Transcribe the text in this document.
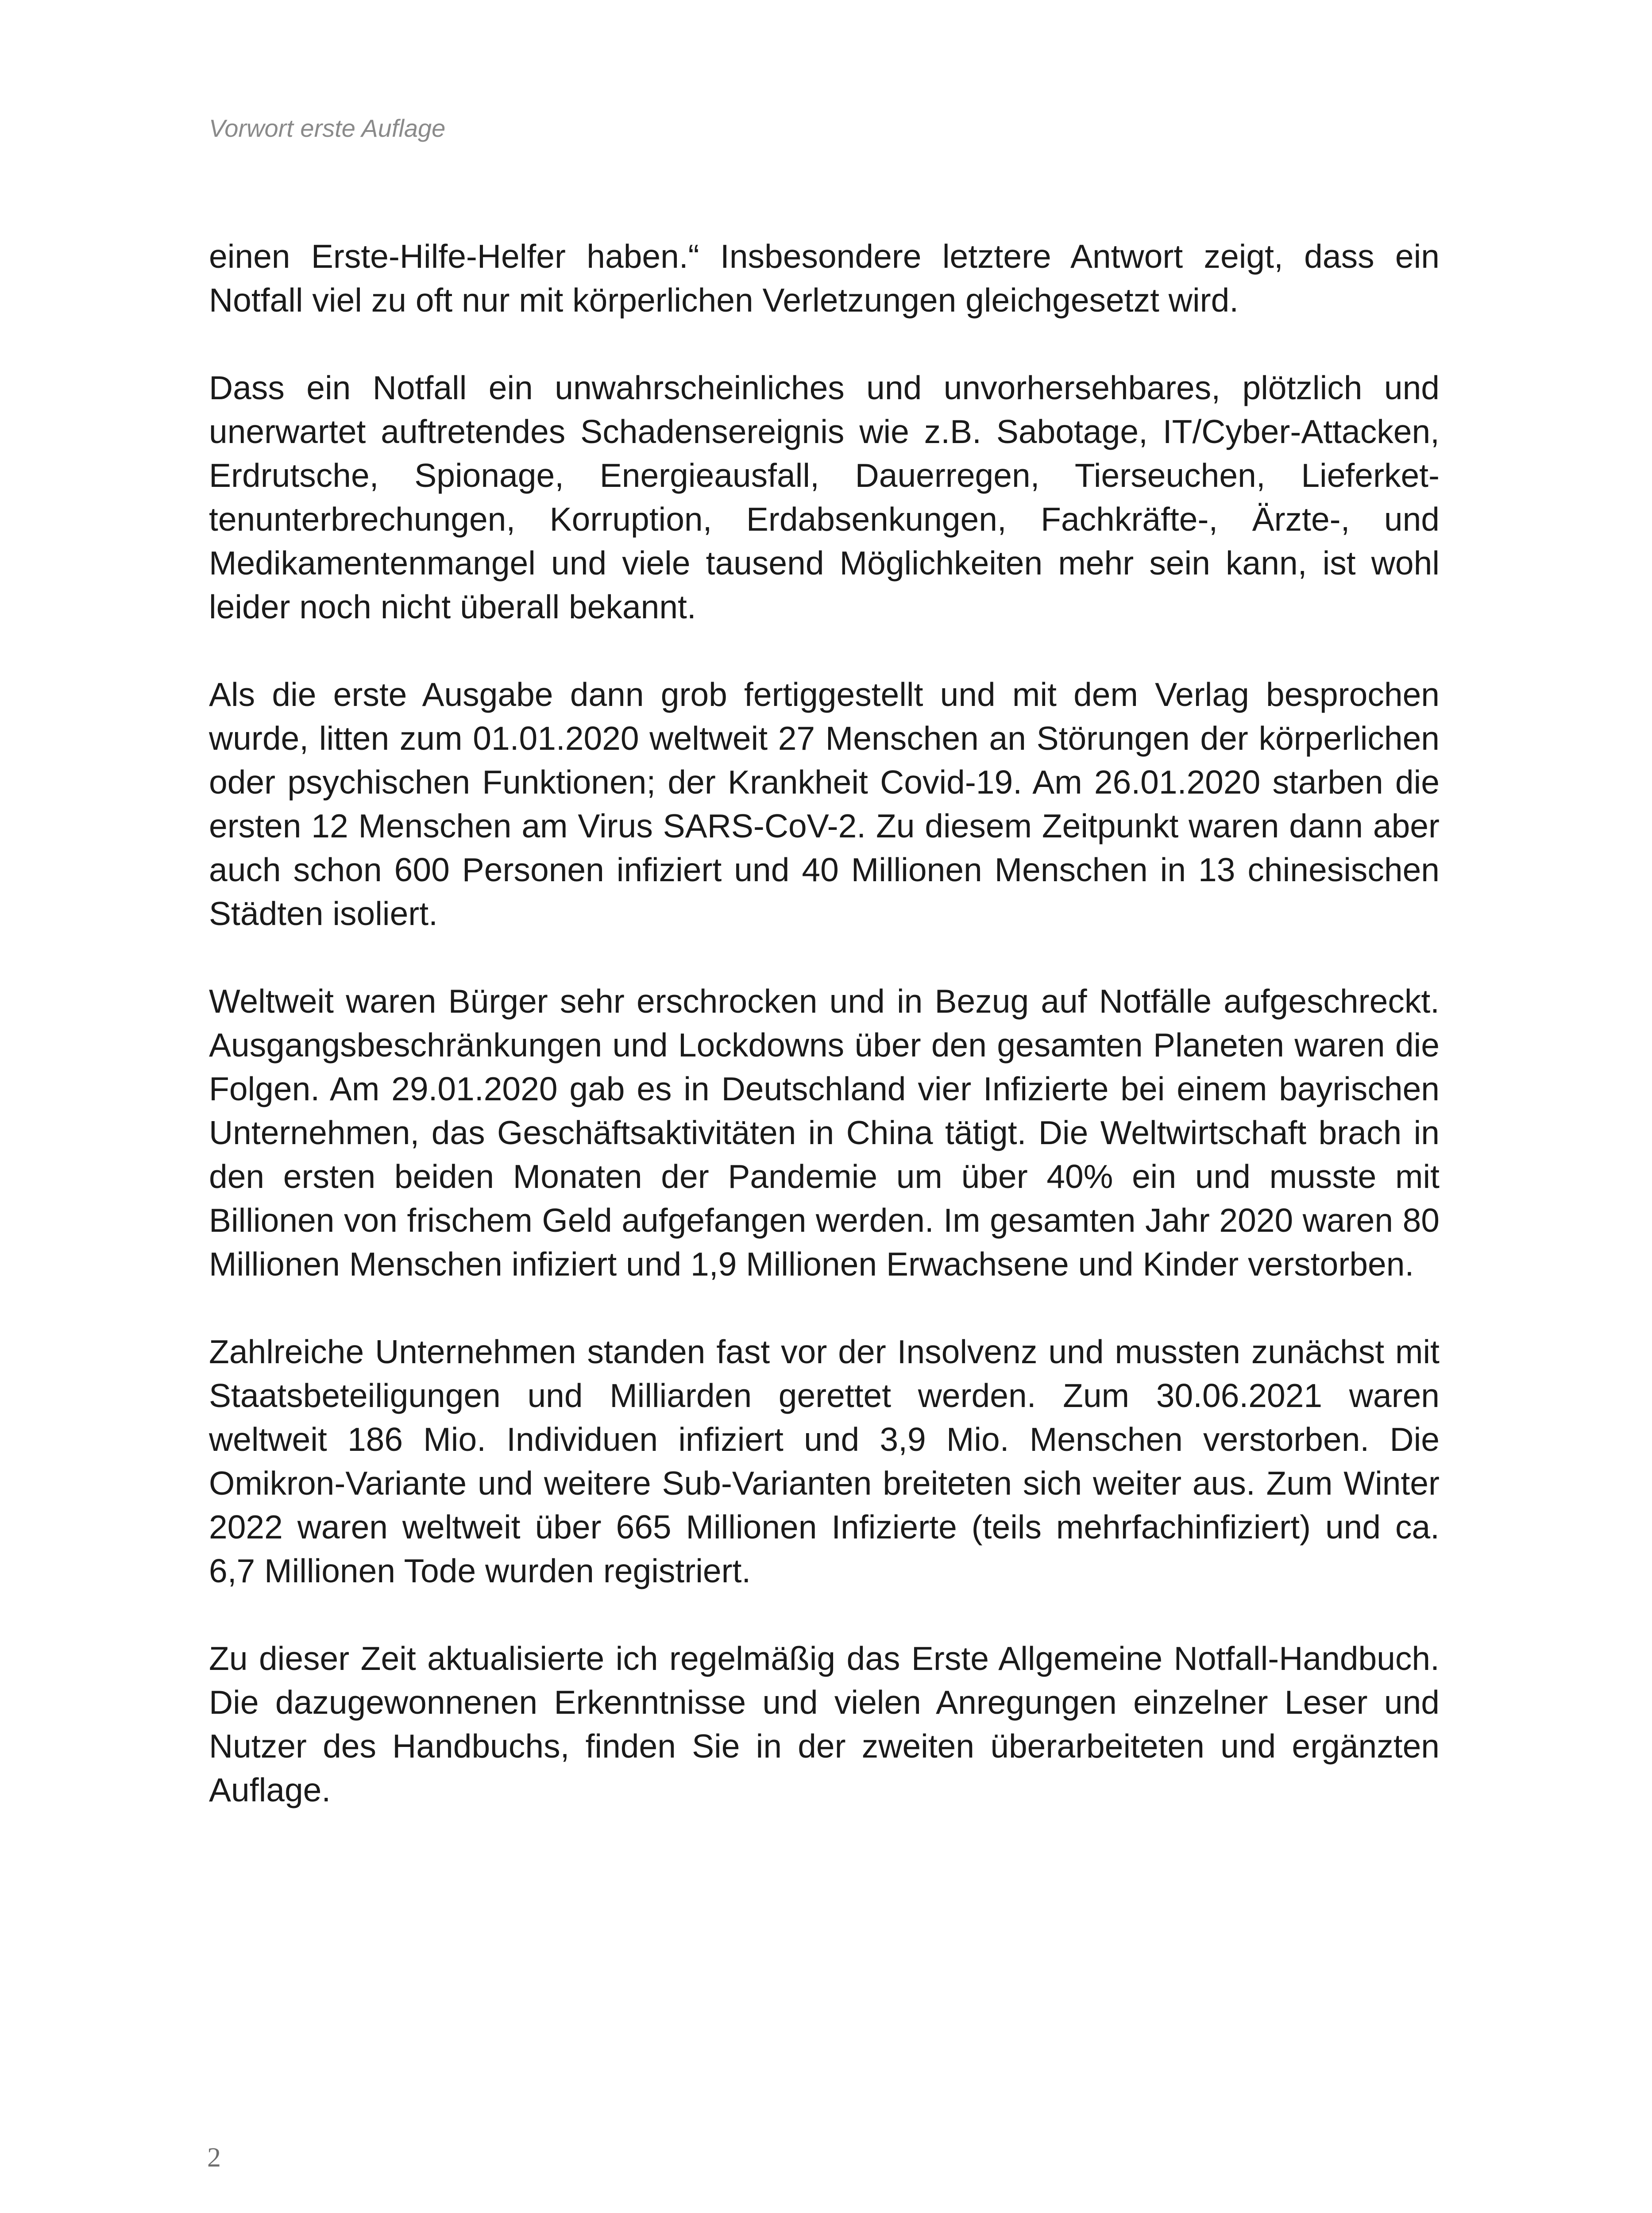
Vorwort erste Auflage

einen Erste-Hilfe-Helfer haben.“ Insbesondere letztere Antwort zeigt, dass ein Notfall viel zu oft nur mit körperlichen Verletzungen gleichgesetzt wird.

Dass ein Notfall ein unwahrscheinliches und unvorhersehbares, plötzlich und unerwartet auftretendes Schadensereignis wie z.B. Sabotage, IT/Cyber-Attacken, Erdrutsche, Spionage, Energieausfall, Dauerregen, Tierseuchen, Lieferkettenunterbrechungen, Korruption, Erdabsenkungen, Fachkräfte-, Ärzte-, und Medikamentenmangel und viele tausend Möglichkeiten mehr sein kann, ist wohl leider noch nicht überall bekannt.

Als die erste Ausgabe dann grob fertiggestellt und mit dem Verlag besprochen wurde, litten zum 01.01.2020 weltweit 27 Menschen an Störungen der körperlichen oder psychischen Funktionen; der Krankheit Covid-19. Am 26.01.2020 starben die ersten 12 Menschen am Virus SARS-CoV-2. Zu diesem Zeitpunkt waren dann aber auch schon 600 Personen infiziert und 40 Millionen Menschen in 13 chinesischen Städten isoliert.

Weltweit waren Bürger sehr erschrocken und in Bezug auf Notfälle aufgeschreckt. Ausgangsbeschränkungen und Lockdowns über den gesamten Planeten waren die Folgen. Am 29.01.2020 gab es in Deutschland vier Infizierte bei einem bayrischen Unternehmen, das Geschäftsaktivitäten in China tätigt. Die Weltwirtschaft brach in den ersten beiden Monaten der Pandemie um über 40% ein und musste mit Billionen von frischem Geld aufgefangen werden. Im gesamten Jahr 2020 waren 80 Millionen Menschen infiziert und 1,9 Millionen Erwachsene und Kinder verstorben.

Zahlreiche Unternehmen standen fast vor der Insolvenz und mussten zunächst mit Staatsbeteiligungen und Milliarden gerettet werden. Zum 30.06.2021 waren weltweit 186 Mio. Individuen infiziert und 3,9 Mio. Menschen verstorben. Die Omikron-Variante und weitere Sub-Varianten breiteten sich weiter aus. Zum Winter 2022 waren weltweit über 665 Millionen Infizierte (teils mehrfachinfiziert) und ca. 6,7 Millionen Tode wurden registriert.

Zu dieser Zeit aktualisierte ich regelmäßig das Erste Allgemeine Notfall-Handbuch. Die dazugewonnenen Erkenntnisse und vielen Anregungen einzelner Leser und Nutzer des Handbuchs, finden Sie in der zweiten überarbeiteten und ergänzten Auflage.

2
